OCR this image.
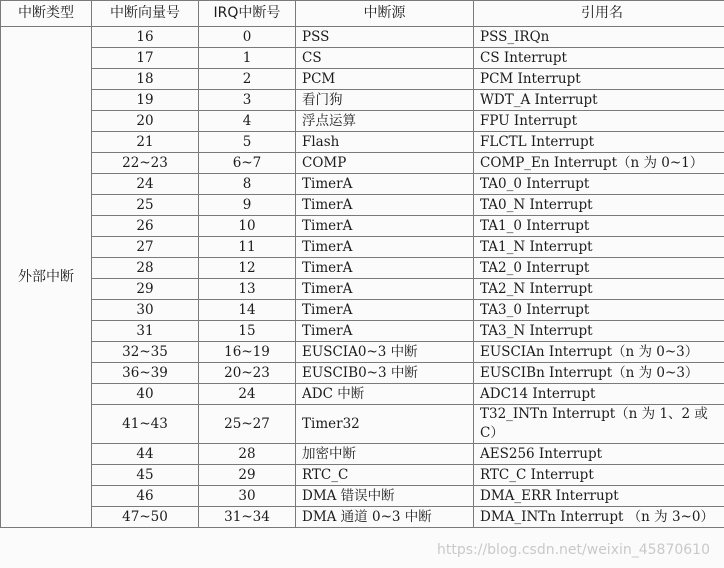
中断类型	中断向量号	IRQ中断号	中断源	引用名
外部中断	16	0	PSS	PSS_IRQn
	17	1	CS	CS Interrupt
	18	2	PCM	PCM Interrupt
	19	3	看门狗	WDT_A Interrupt
	20	4	浮点运算	FPU Interrupt
	21	5	Flash	FLCTL Interrupt
	22~23	6~7	COMP	COMP_En Interrupt（n 为 0~1）
	24	8	TimerA	TA0_0 Interrupt
	25	9	TimerA	TA0_N Interrupt
	26	10	TimerA	TA1_0 Interrupt
	27	11	TimerA	TA1_N Interrupt
	28	12	TimerA	TA2_0 Interrupt
	29	13	TimerA	TA2_N Interrupt
	30	14	TimerA	TA3_0 Interrupt
	31	15	TimerA	TA3_N Interrupt
	32~35	16~19	EUSCIA0~3 中断	EUSCIAn Interrupt（n 为 0~3）
	36~39	20~23	EUSCIB0~3 中断	EUSCIBn Interrupt（n 为 0~3）
	40	24	ADC 中断	ADC14 Interrupt
	41~43	25~27	Timer32	T32_INTn Interrupt（n 为 1、2 或 C）
	44	28	加密中断	AES256 Interrupt
	45	29	RTC_C	RTC_C Interrupt
	46	30	DMA 错误中断	DMA_ERR Interrupt
	47~50	31~34	DMA 通道 0~3 中断	DMA_INTn Interrupt （n 为 3~0）
https://blog.csdn.net/weixin_45870610
